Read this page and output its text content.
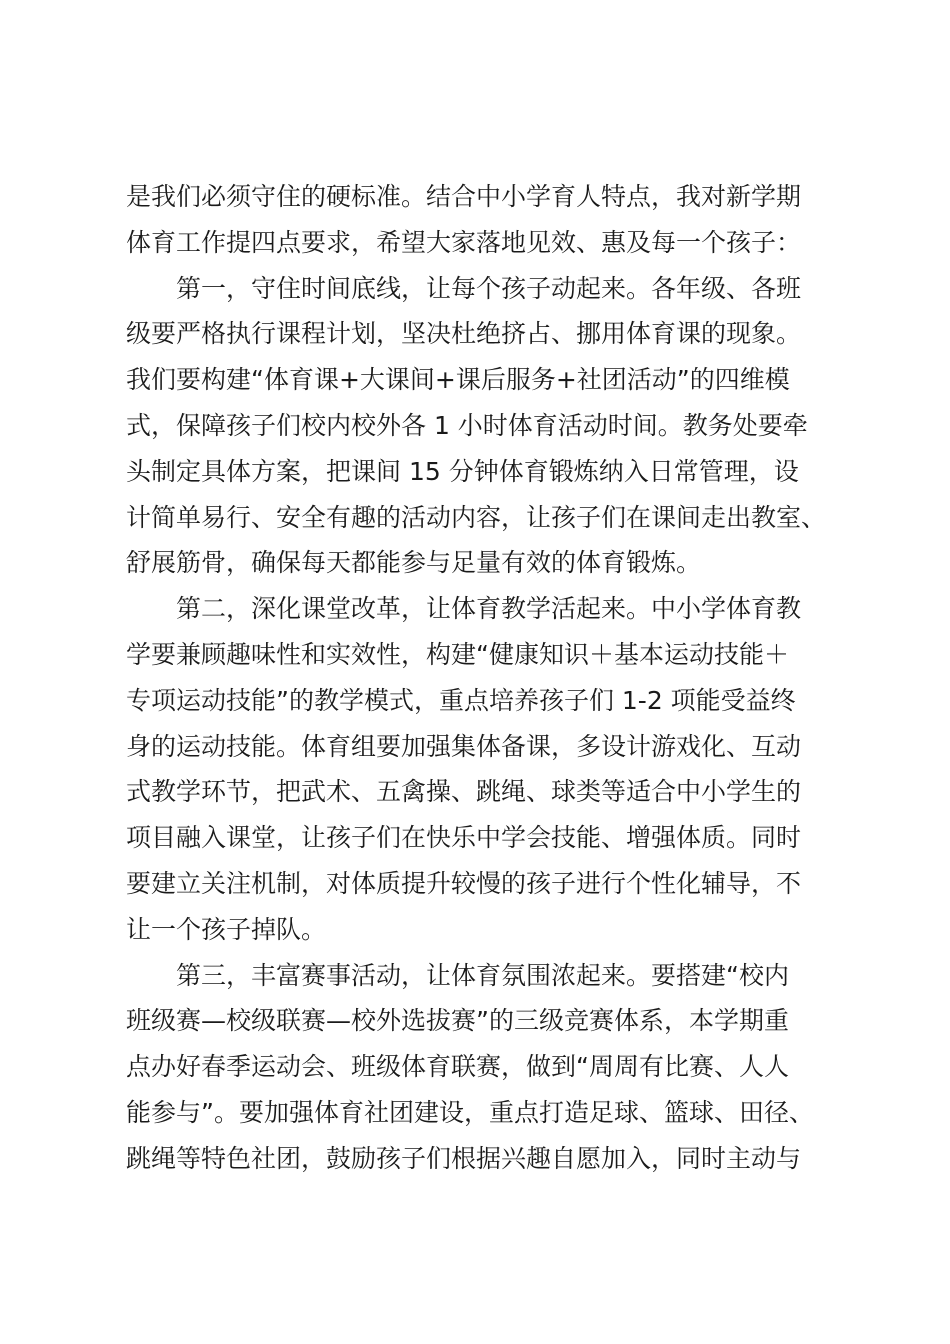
是我们必须守住的硬标准。结合中小学育人特点，我对新学期
体育工作提四点要求，希望大家落地见效、惠及每一个孩子：
第一，守住时间底线，让每个孩子动起来。各年级、各班
级要严格执行课程计划，坚决杜绝挤占、挪用体育课的现象。
我们要构建“体育课+大课间+课后服务+社团活动”的四维模
式，保障孩子们校内校外各 1 小时体育活动时间。教务处要牵
头制定具体方案，把课间 15 分钟体育锻炼纳入日常管理，设
计简单易行、安全有趣的活动内容，让孩子们在课间走出教室、
舒展筋骨，确保每天都能参与足量有效的体育锻炼。
第二，深化课堂改革，让体育教学活起来。中小学体育教
学要兼顾趣味性和实效性，构建“健康知识＋基本运动技能＋
专项运动技能”的教学模式，重点培养孩子们 1-2 项能受益终
身的运动技能。体育组要加强集体备课，多设计游戏化、互动
式教学环节，把武术、五禽操、跳绳、球类等适合中小学生的
项目融入课堂，让孩子们在快乐中学会技能、增强体质。同时
要建立关注机制，对体质提升较慢的孩子进行个性化辅导，不
让一个孩子掉队。
第三，丰富赛事活动，让体育氛围浓起来。要搭建“校内
班级赛—校级联赛—校外选拔赛”的三级竞赛体系，本学期重
点办好春季运动会、班级体育联赛，做到“周周有比赛、人人
能参与”。要加强体育社团建设，重点打造足球、篮球、田径、
跳绳等特色社团，鼓励孩子们根据兴趣自愿加入，同时主动与
